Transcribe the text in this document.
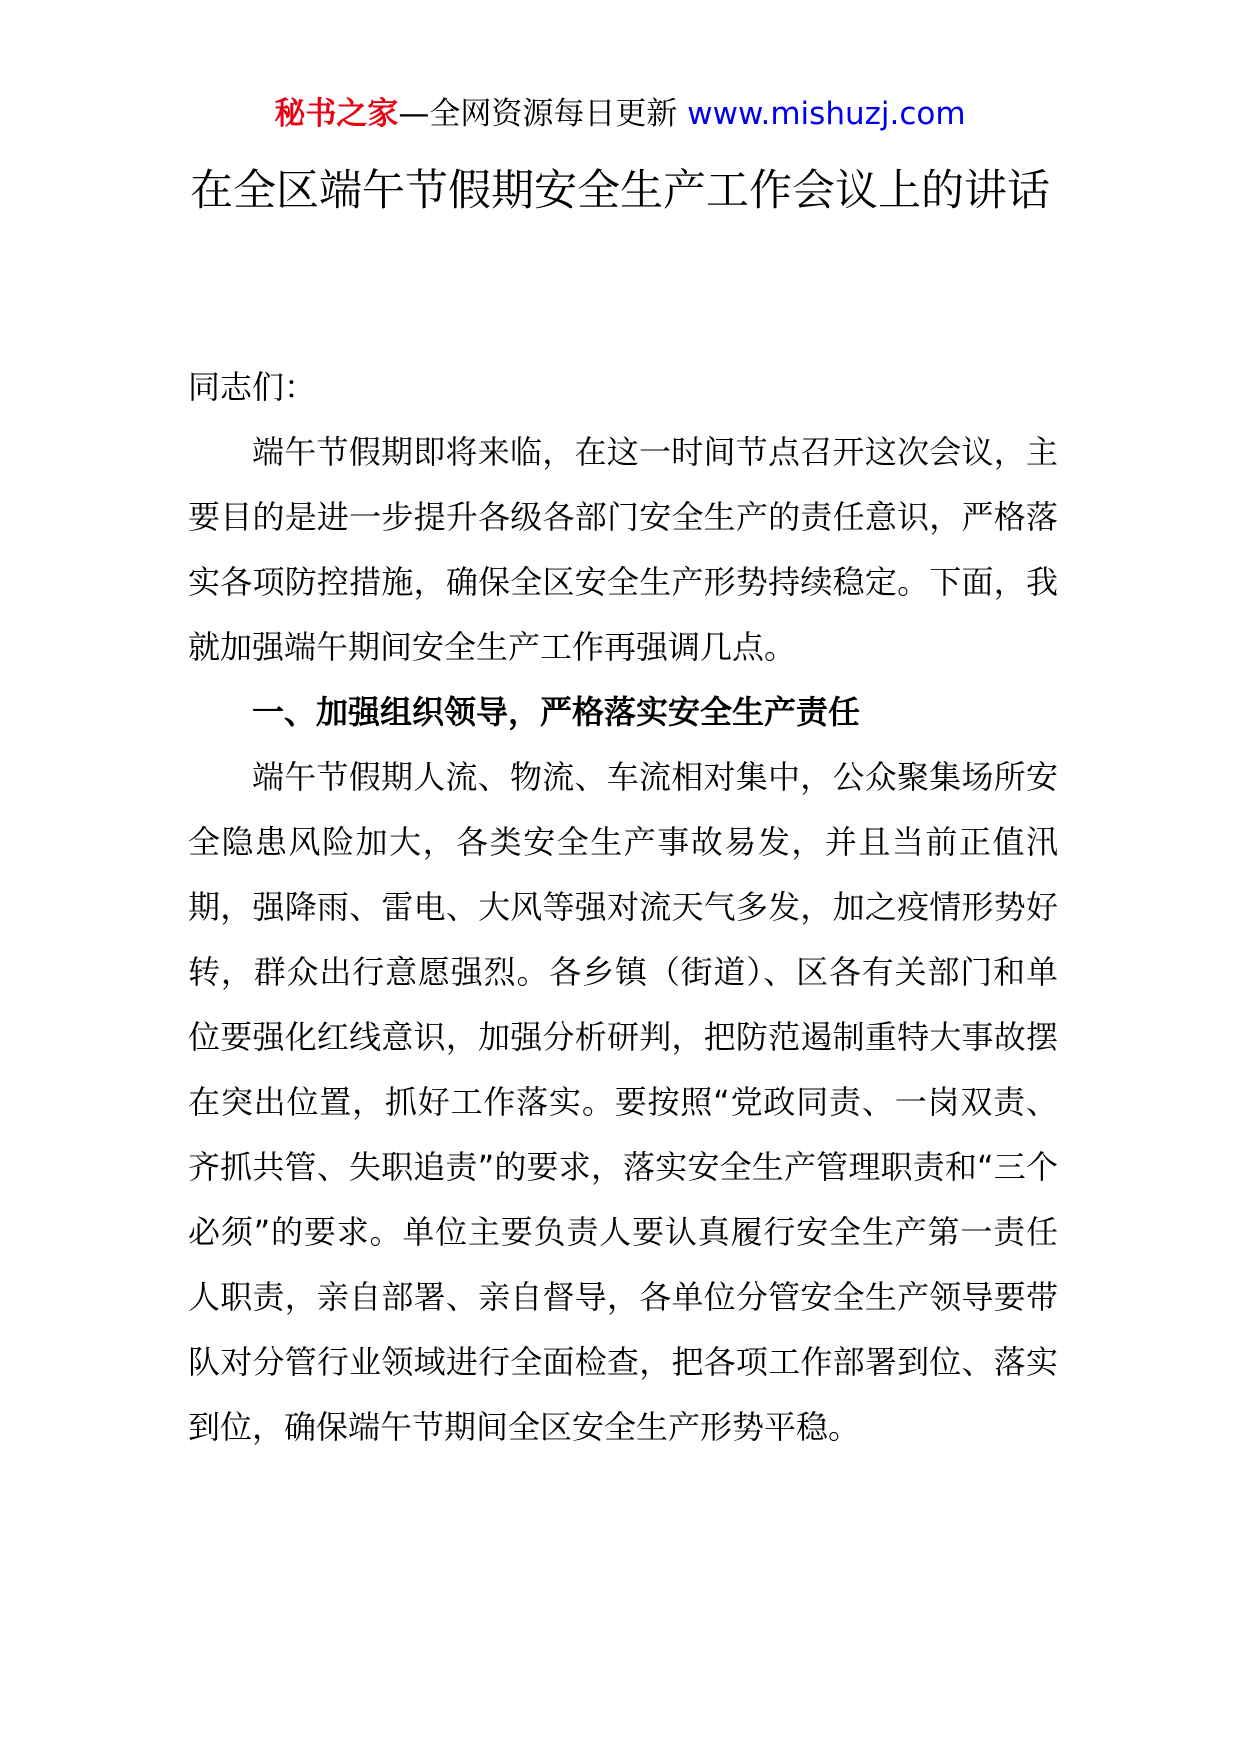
秘书之家—全网资源每日更新 www.mishuzj.com
在全区端午节假期安全生产工作会议上的讲话

同志们：

端午节假期即将来临，在这一时间节点召开这次会议，主要目的是进一步提升各级各部门安全生产的责任意识，严格落实各项防控措施，确保全区安全生产形势持续稳定。下面，我就加强端午期间安全生产工作再强调几点。

一、加强组织领导，严格落实安全生产责任

端午节假期人流、物流、车流相对集中，公众聚集场所安全隐患风险加大，各类安全生产事故易发，并且当前正值汛期，强降雨、雷电、大风等强对流天气多发，加之疫情形势好转，群众出行意愿强烈。各乡镇（街道）、区各有关部门和单位要强化红线意识，加强分析研判，把防范遏制重特大事故摆在突出位置，抓好工作落实。要按照“党政同责、一岗双责、齐抓共管、失职追责”的要求，落实安全生产管理职责和“三个必须”的要求。单位主要负责人要认真履行安全生产第一责任人职责，亲自部署、亲自督导，各单位分管安全生产领导要带队对分管行业领域进行全面检查，把各项工作部署到位、落实到位，确保端午节期间全区安全生产形势平稳。
